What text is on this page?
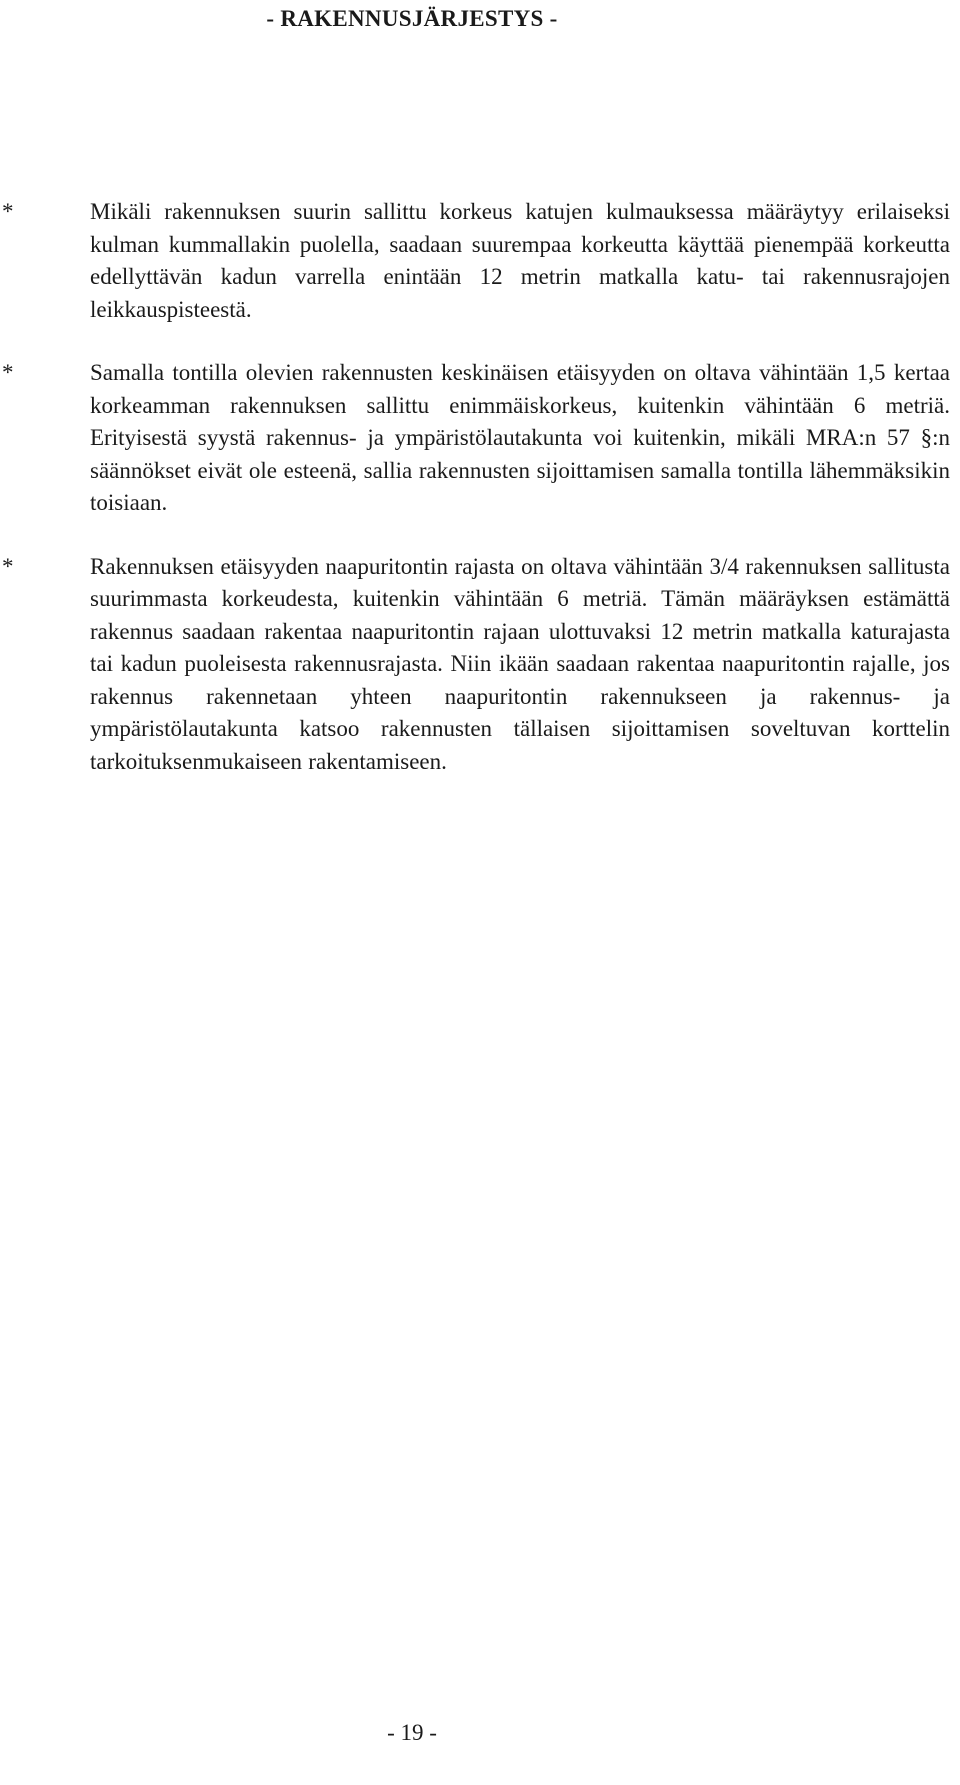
- RAKENNUSJÄRJESTYS -
*	Mikäli rakennuksen suurin sallittu korkeus katujen kulmauksessa määräytyy erilaiseksi kulman kummallakin puolella, saadaan suurempaa korkeutta käyttää pienempää korkeutta edellyttävän kadun varrella enintään 12 metrin matkalla katu- tai rakennusrajojen leikkauspisteestä.
*	Samalla tontilla olevien rakennusten keskinäisen etäisyyden on oltava vähintään 1,5 kertaa korkeamman rakennuksen sallittu enimmäiskorkeus, kuitenkin vähintään 6 metriä. Erityisestä syystä rakennus- ja ympäristölautakunta voi kuitenkin, mikäli MRA:n 57 §:n säännökset eivät ole esteenä, sallia rakennusten sijoittamisen samalla tontilla lähemmäksikin toisiaan.
*	Rakennuksen etäisyyden naapuritontin rajasta on oltava vähintään 3/4 rakennuksen sallitusta suurimmasta korkeudesta, kuitenkin vähintään 6 metriä. Tämän määräyksen estämättä rakennus saadaan rakentaa naapuritontin rajaan ulottuvaksi 12 metrin matkalla katurajasta tai kadun puoleisesta rakennusrajasta. Niin ikään saadaan rakentaa naapuritontin rajalle, jos rakennus rakennetaan yhteen naapuritontin rakennukseen ja rakennus- ja ympäristölautakunta katsoo rakennusten tällaisen sijoittamisen soveltuvan korttelin tarkoituksenmukaiseen rakentamiseen.
- 19 -
